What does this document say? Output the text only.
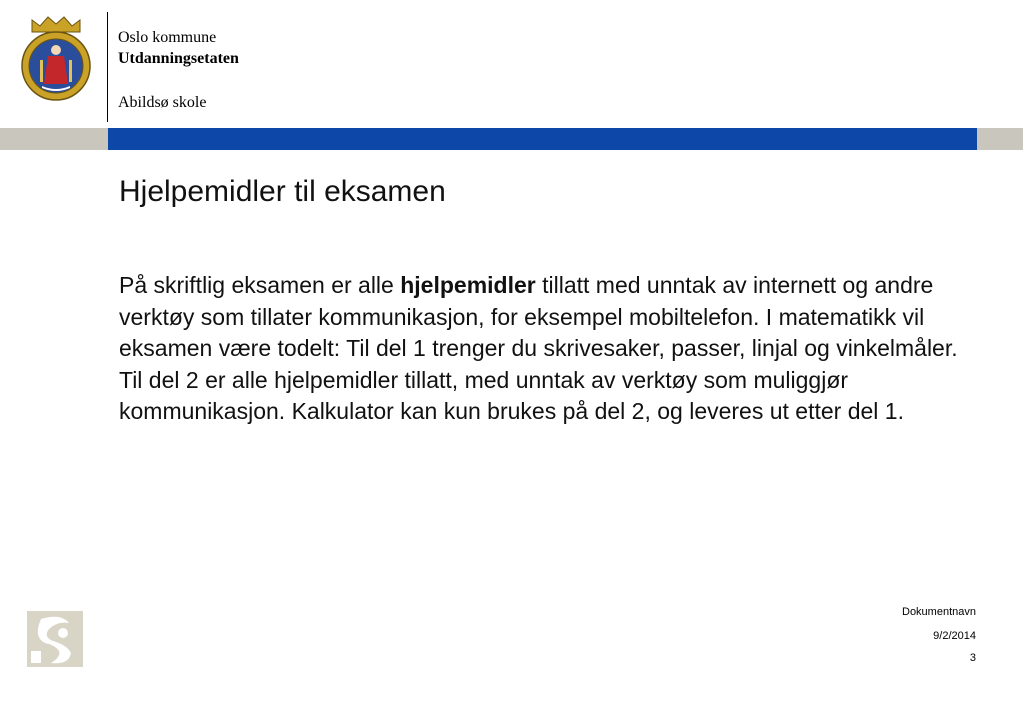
Oslo kommune
Utdanningsetaten
Abildsø skole
Hjelpemidler til eksamen
På skriftlig eksamen er alle hjelpemidler tillatt med unntak av internett og andre verktøy som tillater kommunikasjon, for eksempel mobiltelefon. I matematikk vil eksamen være todelt: Til del 1 trenger du skrivesaker, passer, linjal og vinkelmåler. Til del 2 er alle hjelpemidler tillatt, med unntak av verktøy som muliggjør kommunikasjon. Kalkulator kan kun brukes på del 2, og leveres ut etter del 1.
Dokumentnavn
9/2/2014
3
